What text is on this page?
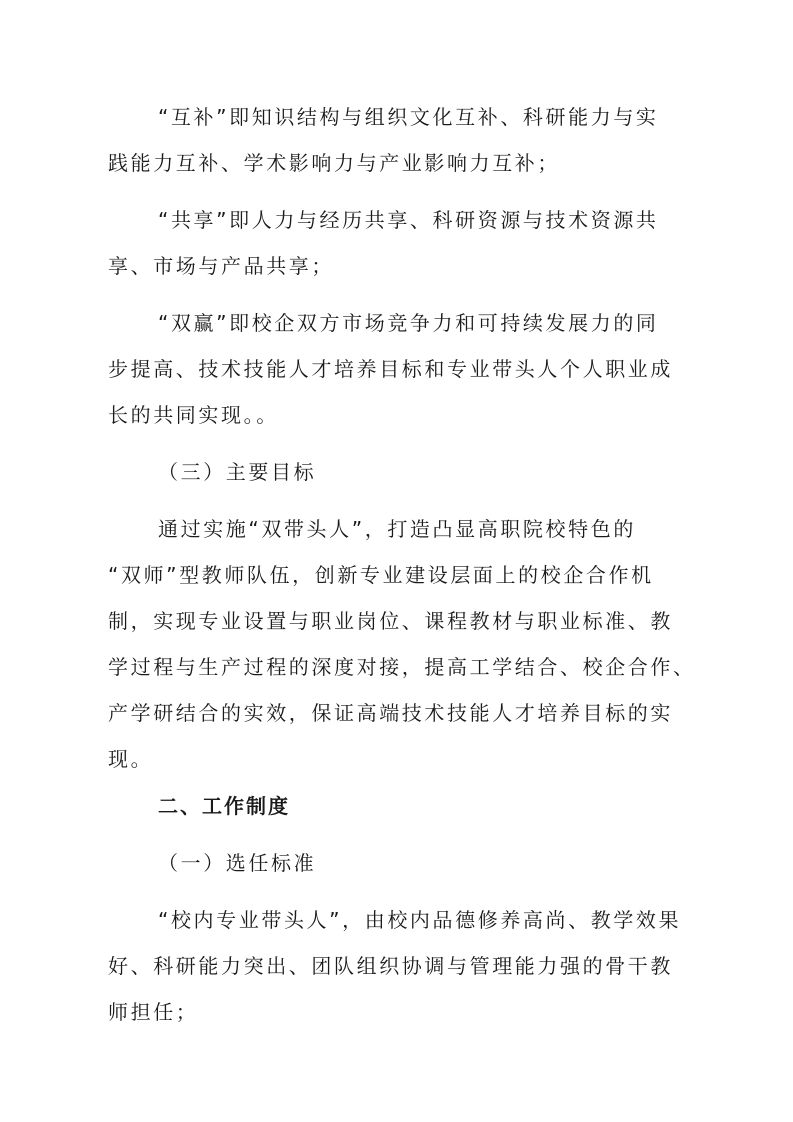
“互补”即知识结构与组织文化互补、科研能力与实
践能力互补、学术影响力与产业影响力互补；
“共享”即人力与经历共享、科研资源与技术资源共
享、市场与产品共享；
“双赢”即校企双方市场竞争力和可持续发展力的同
步提高、技术技能人才培养目标和专业带头人个人职业成
长的共同实现。。
（三）主要目标
通过实施“双带头人”，打造凸显高职院校特色的
“双师”型教师队伍，创新专业建设层面上的校企合作机
制，实现专业设置与职业岗位、课程教材与职业标准、教
学过程与生产过程的深度对接，提高工学结合、校企合作、
产学研结合的实效，保证高端技术技能人才培养目标的实
现。
二、工作制度
（一）选任标准
“校内专业带头人”，由校内品德修养高尚、教学效果
好、科研能力突出、团队组织协调与管理能力强的骨干教
师担任；
